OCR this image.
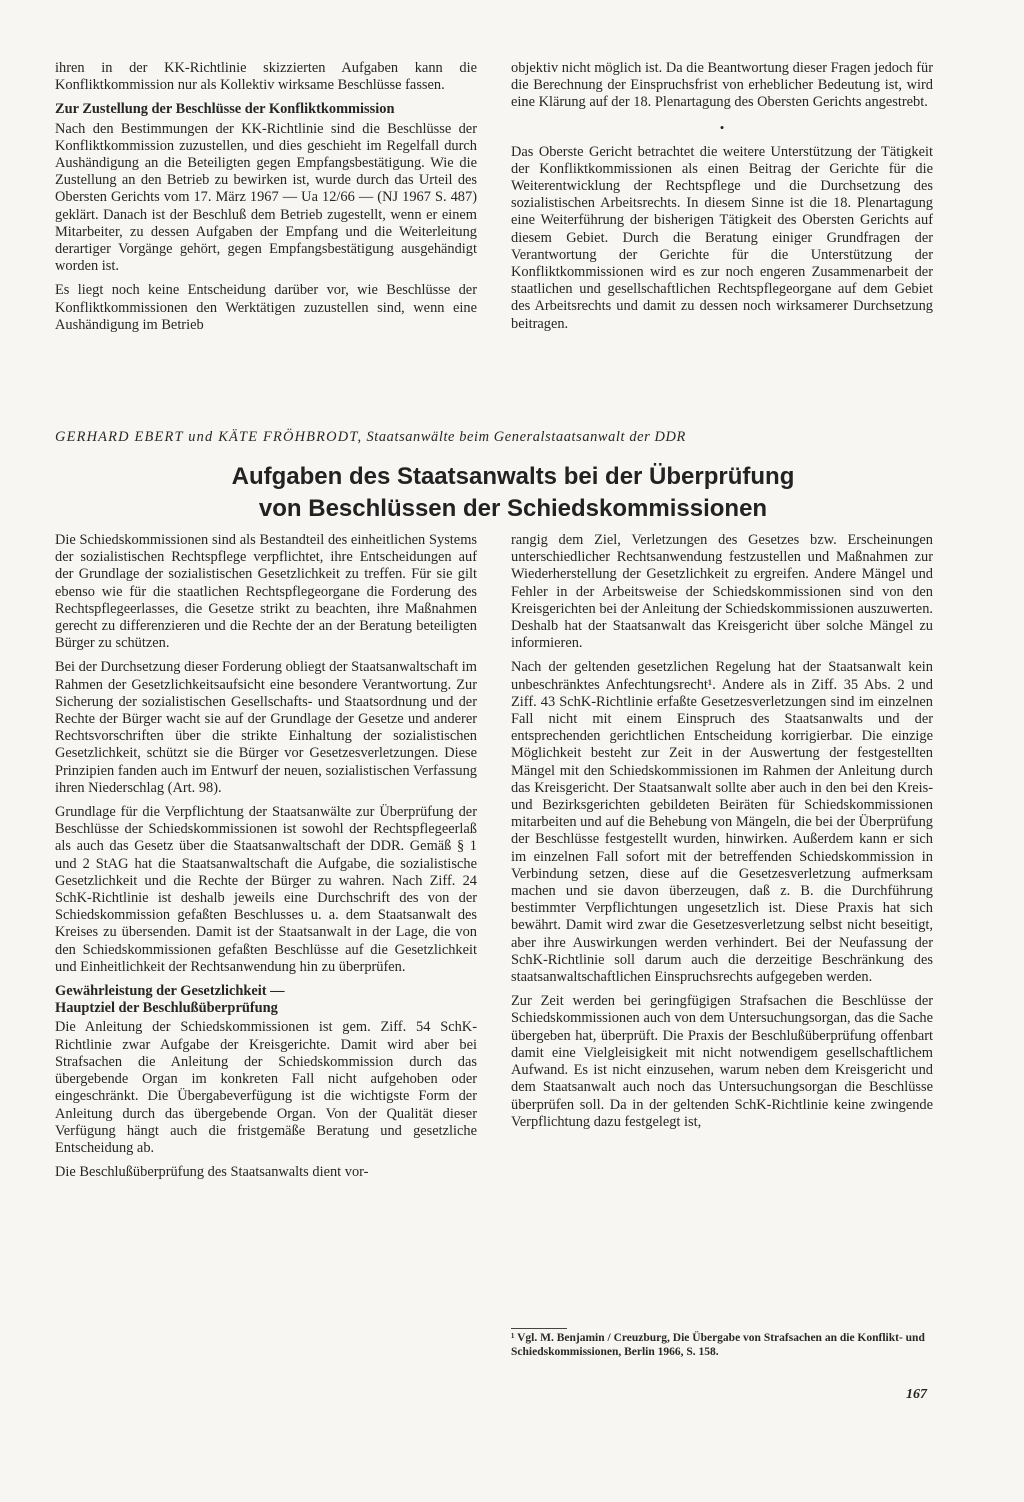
ihren in der KK-Richtlinie skizzierten Aufgaben kann die Konfliktkommission nur als Kollektiv wirksame Beschlüsse fassen.

Zur Zustellung der Beschlüsse der Konfliktkommission

Nach den Bestimmungen der KK-Richtlinie sind die Beschlüsse der Konfliktkommission zuzustellen, und dies geschieht im Regelfall durch Aushändigung an die Beteiligten gegen Empfangsbestätigung. Wie die Zustellung an den Betrieb zu bewirken ist, wurde durch das Urteil des Obersten Gerichts vom 17. März 1967 — Ua 12/66 — (NJ 1967 S. 487) geklärt. Danach ist der Beschluß dem Betrieb zugestellt, wenn er einem Mitarbeiter, zu dessen Aufgaben der Empfang und die Weiterleitung derartiger Vorgänge gehört, gegen Empfangsbestätigung ausgehändigt worden ist.

Es liegt noch keine Entscheidung darüber vor, wie Beschlüsse der Konfliktkommissionen den Werktätigen zuzustellen sind, wenn eine Aushändigung im Betrieb

objektiv nicht möglich ist. Da die Beantwortung dieser Fragen jedoch für die Berechnung der Einspruchsfrist von erheblicher Bedeutung ist, wird eine Klärung auf der 18. Plenartagung des Obersten Gerichts angestrebt.

•

Das Oberste Gericht betrachtet die weitere Unterstützung der Tätigkeit der Konfliktkommissionen als einen Beitrag der Gerichte für die Weiterentwicklung der Rechtspflege und die Durchsetzung des sozialistischen Arbeitsrechts. In diesem Sinne ist die 18. Plenartagung eine Weiterführung der bisherigen Tätigkeit des Obersten Gerichts auf diesem Gebiet. Durch die Beratung einiger Grundfragen der Verantwortung der Gerichte für die Unterstützung der Konfliktkommissionen wird es zur noch engeren Zusammenarbeit der staatlichen und gesellschaftlichen Rechtspflegeorgane auf dem Gebiet des Arbeitsrechts und damit zu dessen noch wirksamerer Durchsetzung beitragen.

GERHARD EBERT und KÄTE FRÖHBRODT, Staatsanwälte beim Generalstaatsanwalt der DDR
Aufgaben des Staatsanwalts bei der Überprüfung
von Beschlüssen der Schiedskommissionen

Die Schiedskommissionen sind als Bestandteil des einheitlichen Systems der sozialistischen Rechtspflege verpflichtet, ihre Entscheidungen auf der Grundlage der sozialistischen Gesetzlichkeit zu treffen. Für sie gilt ebenso wie für die staatlichen Rechtspflegeorgane die Forderung des Rechtspflegeerlasses, die Gesetze strikt zu beachten, ihre Maßnahmen gerecht zu differenzieren und die Rechte der an der Beratung beteiligten Bürger zu schützen.

Bei der Durchsetzung dieser Forderung obliegt der Staatsanwaltschaft im Rahmen der Gesetzlichkeitsaufsicht eine besondere Verantwortung. Zur Sicherung der sozialistischen Gesellschafts- und Staatsordnung und der Rechte der Bürger wacht sie auf der Grundlage der Gesetze und anderer Rechtsvorschriften über die strikte Einhaltung der sozialistischen Gesetzlichkeit, schützt sie die Bürger vor Gesetzesverletzungen. Diese Prinzipien fanden auch im Entwurf der neuen, sozialistischen Verfassung ihren Niederschlag (Art. 98).

Grundlage für die Verpflichtung der Staatsanwälte zur Überprüfung der Beschlüsse der Schiedskommissionen ist sowohl der Rechtspflegeerlaß als auch das Gesetz über die Staatsanwaltschaft der DDR. Gemäß § 1 und 2 StAG hat die Staatsanwaltschaft die Aufgabe, die sozialistische Gesetzlichkeit und die Rechte der Bürger zu wahren. Nach Ziff. 24 SchK-Richtlinie ist deshalb jeweils eine Durchschrift des von der Schiedskommission gefaßten Beschlusses u. a. dem Staatsanwalt des Kreises zu übersenden. Damit ist der Staatsanwalt in der Lage, die von den Schiedskommissionen gefaßten Beschlüsse auf die Gesetzlichkeit und Einheitlichkeit der Rechtsanwendung hin zu überprüfen.

Gewährleistung der Gesetzlichkeit —
Hauptziel der Beschlußüberprüfung

Die Anleitung der Schiedskommissionen ist gem. Ziff. 54 SchK-Richtlinie zwar Aufgabe der Kreisgerichte. Damit wird aber bei Strafsachen die Anleitung der Schiedskommission durch das übergebende Organ im konkreten Fall nicht aufgehoben oder eingeschränkt. Die Übergabeverfügung ist die wichtigste Form der Anleitung durch das übergebende Organ. Von der Qualität dieser Verfügung hängt auch die fristgemäße Beratung und gesetzliche Entscheidung ab.

Die Beschlußüberprüfung des Staatsanwalts dient vor-

rangig dem Ziel, Verletzungen des Gesetzes bzw. Erscheinungen unterschiedlicher Rechtsanwendung festzustellen und Maßnahmen zur Wiederherstellung der Gesetzlichkeit zu ergreifen. Andere Mängel und Fehler in der Arbeitsweise der Schiedskommissionen sind von den Kreisgerichten bei der Anleitung der Schiedskommissionen auszuwerten. Deshalb hat der Staatsanwalt das Kreisgericht über solche Mängel zu informieren.

Nach der geltenden gesetzlichen Regelung hat der Staatsanwalt kein unbeschränktes Anfechtungsrecht¹. Andere als in Ziff. 35 Abs. 2 und Ziff. 43 SchK-Richtlinie erfaßte Gesetzesverletzungen sind im einzelnen Fall nicht mit einem Einspruch des Staatsanwalts und der entsprechenden gerichtlichen Entscheidung korrigierbar. Die einzige Möglichkeit besteht zur Zeit in der Auswertung der festgestellten Mängel mit den Schiedskommissionen im Rahmen der Anleitung durch das Kreisgericht. Der Staatsanwalt sollte aber auch in den bei den Kreis- und Bezirksgerichten gebildeten Beiräten für Schiedskommissionen mitarbeiten und auf die Behebung von Mängeln, die bei der Überprüfung der Beschlüsse festgestellt wurden, hinwirken. Außerdem kann er sich im einzelnen Fall sofort mit der betreffenden Schiedskommission in Verbindung setzen, diese auf die Gesetzesverletzung aufmerksam machen und sie davon überzeugen, daß z. B. die Durchführung bestimmter Verpflichtungen ungesetzlich ist. Diese Praxis hat sich bewährt. Damit wird zwar die Gesetzesverletzung selbst nicht beseitigt, aber ihre Auswirkungen werden verhindert. Bei der Neufassung der SchK-Richtlinie soll darum auch die derzeitige Beschränkung des staatsanwaltschaftlichen Einspruchsrechts aufgegeben werden.

Zur Zeit werden bei geringfügigen Strafsachen die Beschlüsse der Schiedskommissionen auch von dem Untersuchungsorgan, das die Sache übergeben hat, überprüft. Die Praxis der Beschlußüberprüfung offenbart damit eine Vielgleisigkeit mit nicht notwendigem gesellschaftlichem Aufwand. Es ist nicht einzusehen, warum neben dem Kreisgericht und dem Staatsanwalt auch noch das Untersuchungsorgan die Beschlüsse überprüfen soll. Da in der geltenden SchK-Richtlinie keine zwingende Verpflichtung dazu festgelegt ist,

¹ Vgl. M. Benjamin / Creuzburg, Die Übergabe von Strafsachen an die Konflikt- und Schiedskommissionen, Berlin 1966, S. 158.
167
